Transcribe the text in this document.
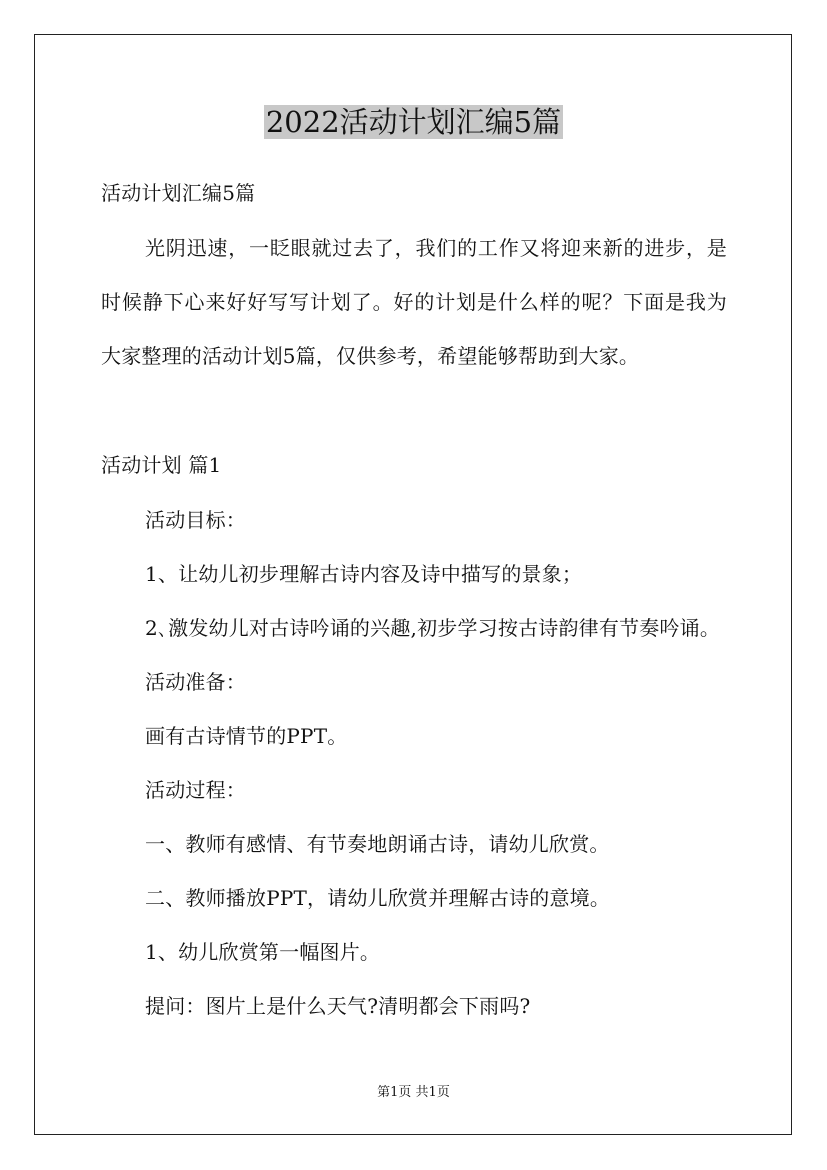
2022活动计划汇编5篇

活动计划汇编5篇

光阴迅速，一眨眼就过去了，我们的工作又将迎来新的进步，是

时候静下心来好好写写计划了。好的计划是什么样的呢？下面是我为

大家整理的活动计划5篇，仅供参考，希望能够帮助到大家。

活动计划 篇1

活动目标：

1、让幼儿初步理解古诗内容及诗中描写的景象；

2､激发幼儿对古诗吟诵的兴趣,初步学习按古诗韵律有节奏吟诵。

活动准备：

画有古诗情节的PPT。

活动过程：

一、教师有感情、有节奏地朗诵古诗，请幼儿欣赏。

二、教师播放PPT，请幼儿欣赏并理解古诗的意境。

1、幼儿欣赏第一幅图片。

提问：图片上是什么天气?清明都会下雨吗?

第1页 共1页
